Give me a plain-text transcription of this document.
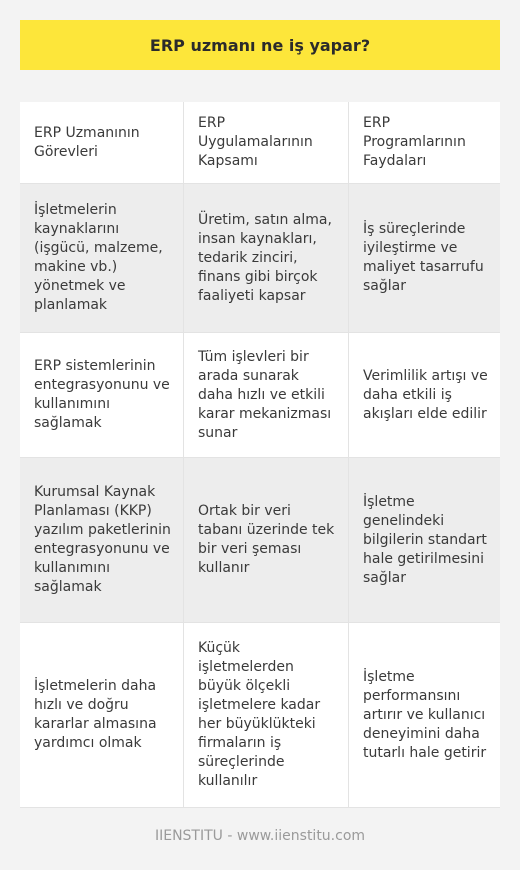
ERP uzmanı ne iş yapar?
ERP Uzmanının Görevleri
ERP Uygulamalarının Kapsamı
ERP Programlarının Faydaları
İşletmelerin kaynaklarını (işgücü, malzeme, makine vb.) yönetmek ve planlamak
Üretim, satın alma, insan kaynakları, tedarik zinciri, finans gibi birçok faaliyeti kapsar
İş süreçlerinde iyileştirme ve maliyet tasarrufu sağlar
ERP sistemlerinin entegrasyonunu ve kullanımını sağlamak
Tüm işlevleri bir arada sunarak daha hızlı ve etkili karar mekanizması sunar
Verimlilik artışı ve daha etkili iş akışları elde edilir
Kurumsal Kaynak Planlaması (KKP) yazılım paketlerinin entegrasyonunu ve kullanımını sağlamak
Ortak bir veri tabanı üzerinde tek bir veri şeması kullanır
İşletme genelindeki bilgilerin standart hale getirilmesini sağlar
İşletmelerin daha hızlı ve doğru kararlar almasına yardımcı olmak
Küçük işletmelerden büyük ölçekli işletmelere kadar her büyüklükteki firmaların iş süreçlerinde kullanılır
İşletme performansını artırır ve kullanıcı deneyimini daha tutarlı hale getirir
IIENSTITU - www.iienstitu.com
